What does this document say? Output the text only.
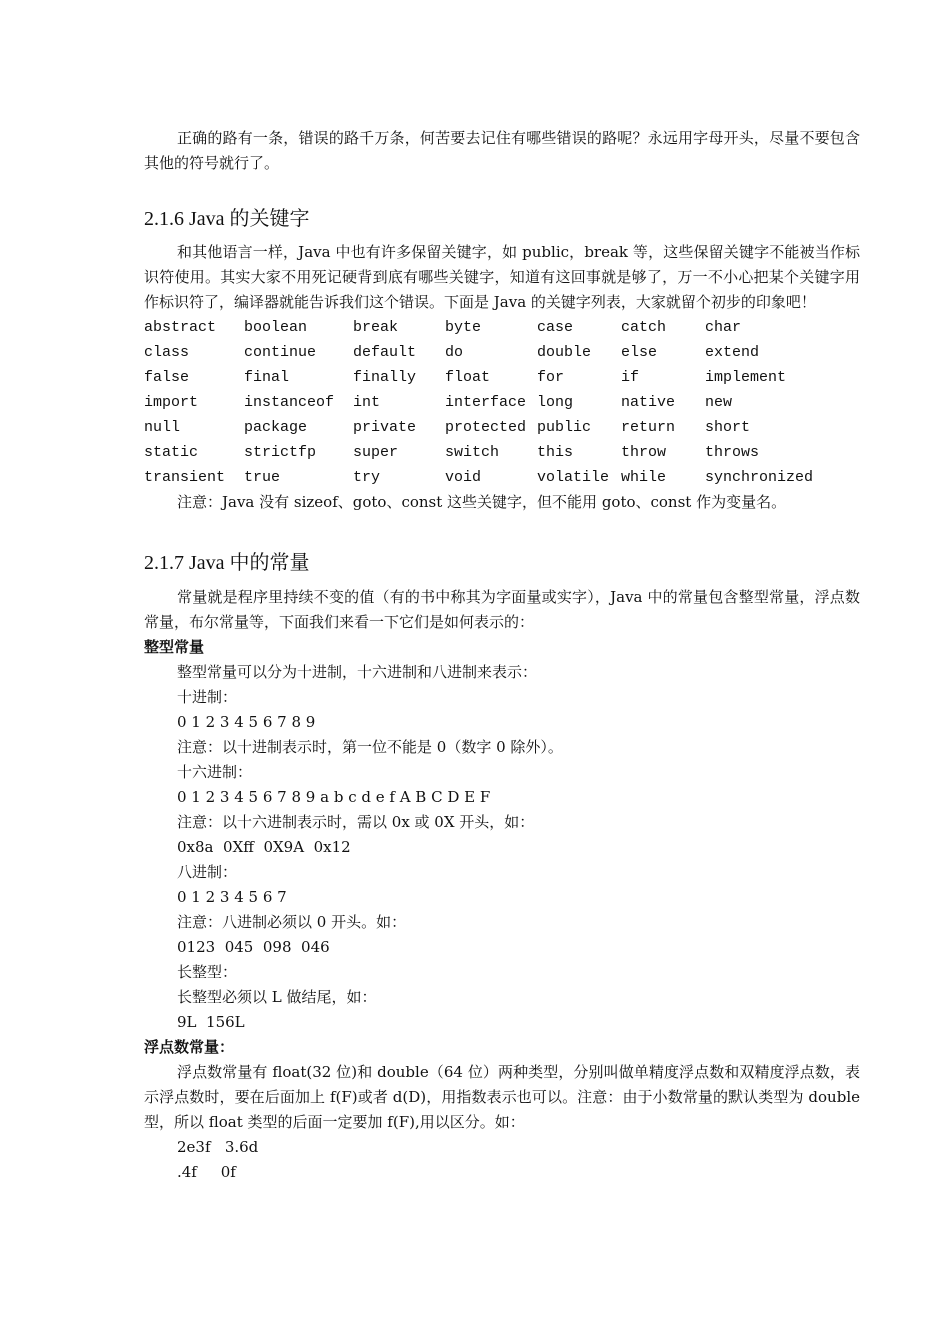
正确的路有一条，错误的路千万条，何苦要去记住有哪些错误的路呢？永远用字母开头，尽量不要包含其他的符号就行了。

2.1.6 Java 的关键字

和其他语言一样，Java 中也有许多保留关键字，如 public，break 等，这些保留关键字不能被当作标识符使用。其实大家不用死记硬背到底有哪些关键字，知道有这回事就是够了，万一不小心把某个关键字用作标识符了，编译器就能告诉我们这个错误。下面是 Java 的关键字列表，大家就留个初步的印象吧！

abstract	boolean	break	byte	case	catch	char
class	continue	default	do	double	else	extend
false	final	finally	float	for	if	implement
import	instanceof	int	interface	long	native	new
null	package	private	protected	public	return	short
static	strictfp	super	switch	this	throw	throws
transient	true	try	void	volatile	while	synchronized

注意：Java 没有 sizeof、goto、const 这些关键字，但不能用 goto、const 作为变量名。

2.1.7 Java 中的常量

常量就是程序里持续不变的值（有的书中称其为字面量或实字），Java 中的常量包含整型常量，浮点数常量，布尔常量等，下面我们来看一下它们是如何表示的：

整型常量

整型常量可以分为十进制，十六进制和八进制来表示：

十进制：

0 1 2 3 4 5 6 7 8 9

注意：以十进制表示时，第一位不能是 0（数字 0 除外）。

十六进制：

0 1 2 3 4 5 6 7 8 9 a b c d e f A B C D E F

注意：以十六进制表示时，需以 0x 或 0X 开头，如：

0x8a  0Xff  0X9A  0x12

八进制：

0 1 2 3 4 5 6 7

注意：八进制必须以 0 开头。如：

0123  045  098  046

长整型：

长整型必须以 L 做结尾，如：

9L  156L

浮点数常量：

浮点数常量有 float(32 位)和 double（64 位）两种类型，分别叫做单精度浮点数和双精度浮点数，表示浮点数时，要在后面加上 f(F)或者 d(D)，用指数表示也可以。注意：由于小数常量的默认类型为 double 型，所以 float 类型的后面一定要加 f(F),用以区分。如：

2e3f   3.6d

.4f     0f
